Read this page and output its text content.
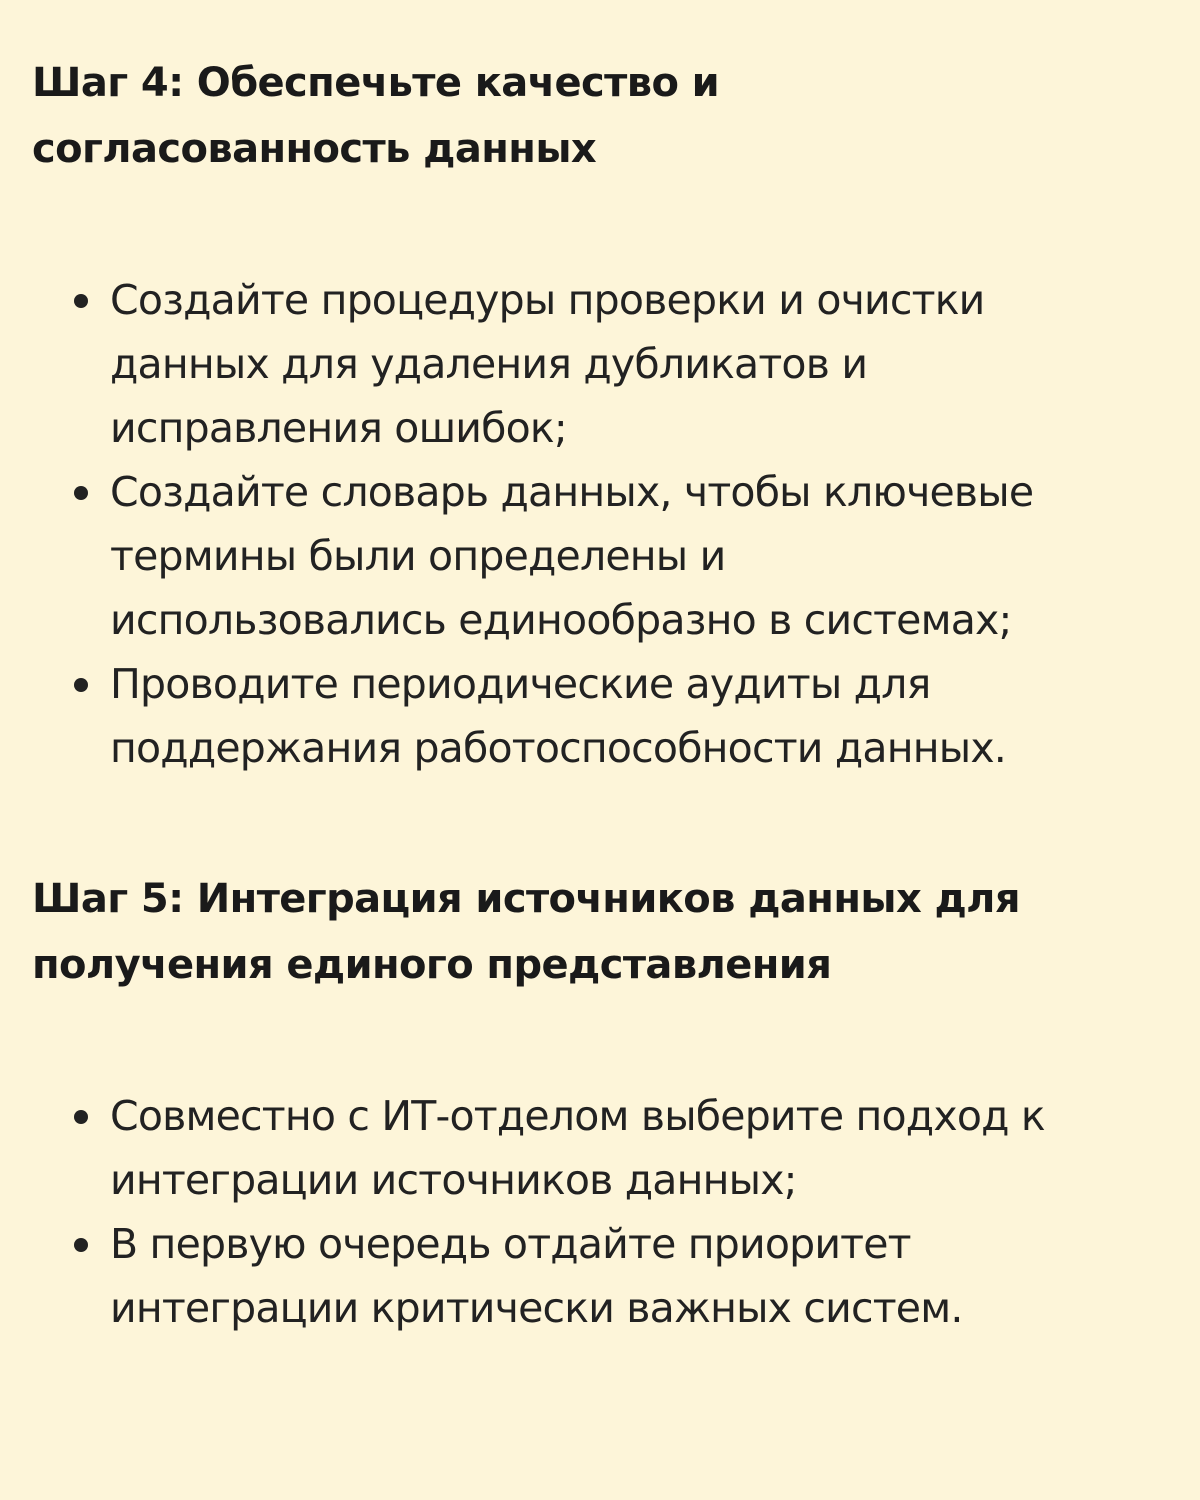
Шаг 4: Обеспечьте качество и
согласованность данных
Создайте процедуры проверки и очистки
данных для удаления дубликатов и
исправления ошибок;
Создайте словарь данных, чтобы ключевые
термины были определены и
использовались единообразно в системах;
Проводите периодические аудиты для
поддержания работоспособности данных.
Шаг 5: Интеграция источников данных для
получения единого представления
Совместно с ИТ-отделом выберите подход к
интеграции источников данных;
В первую очередь отдайте приоритет
интеграции критически важных систем.
